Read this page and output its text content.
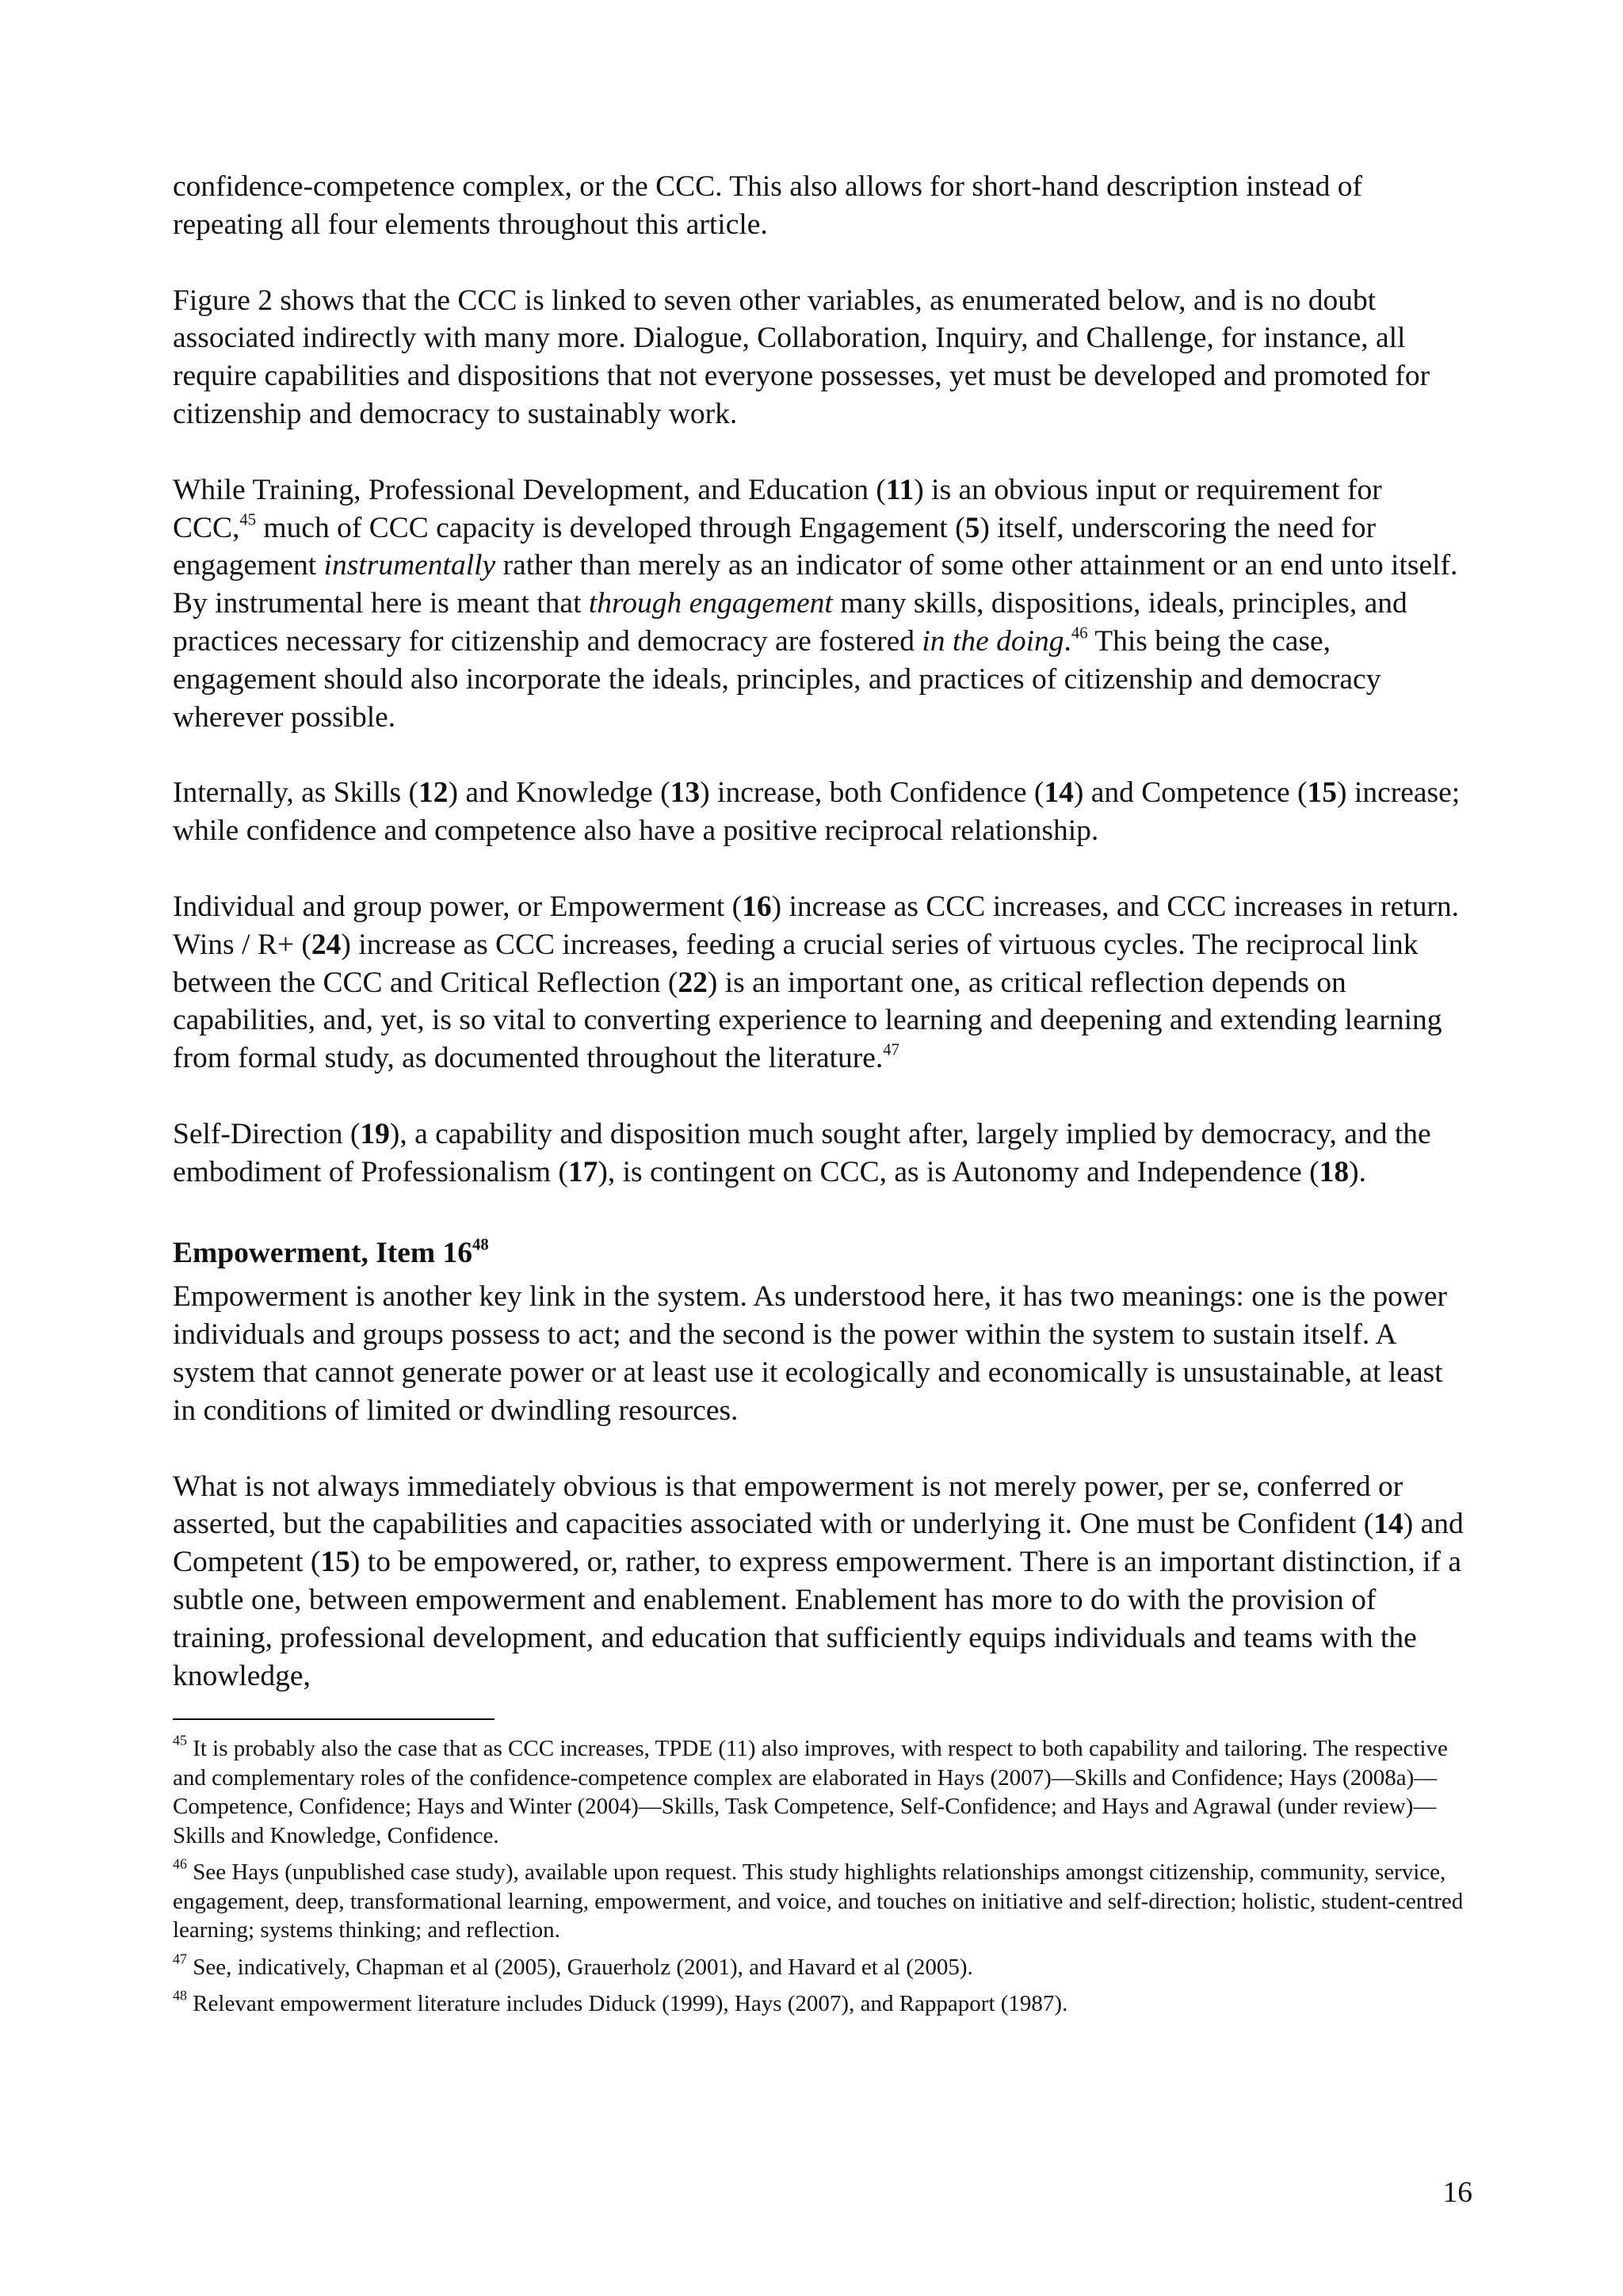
confidence-competence complex, or the CCC. This also allows for short-hand description instead of repeating all four elements throughout this article.

Figure 2 shows that the CCC is linked to seven other variables, as enumerated below, and is no doubt associated indirectly with many more. Dialogue, Collaboration, Inquiry, and Challenge, for instance, all require capabilities and dispositions that not everyone possesses, yet must be developed and promoted for citizenship and democracy to sustainably work.

While Training, Professional Development, and Education (11) is an obvious input or requirement for CCC,$^{45}$ much of CCC capacity is developed through Engagement (5) itself, underscoring the need for engagement instrumentally rather than merely as an indicator of some other attainment or an end unto itself. By instrumental here is meant that through engagement many skills, dispositions, ideals, principles, and practices necessary for citizenship and democracy are fostered in the doing.$^{46}$ This being the case, engagement should also incorporate the ideals, principles, and practices of citizenship and democracy wherever possible.

Internally, as Skills (12) and Knowledge (13) increase, both Confidence (14) and Competence (15) increase; while confidence and competence also have a positive reciprocal relationship.

Individual and group power, or Empowerment (16) increase as CCC increases, and CCC increases in return. Wins / R+ (24) increase as CCC increases, feeding a crucial series of virtuous cycles. The reciprocal link between the CCC and Critical Reflection (22) is an important one, as critical reflection depends on capabilities, and, yet, is so vital to converting experience to learning and deepening and extending learning from formal study, as documented throughout the literature.$^{47}$

Self-Direction (19), a capability and disposition much sought after, largely implied by democracy, and the embodiment of Professionalism (17), is contingent on CCC, as is Autonomy and Independence (18).

Empowerment, Item $16^{48}$

Empowerment is another key link in the system. As understood here, it has two meanings: one is the power individuals and groups possess to act; and the second is the power within the system to sustain itself. A system that cannot generate power or at least use it ecologically and economically is unsustainable, at least in conditions of limited or dwindling resources.

What is not always immediately obvious is that empowerment is not merely power, per se, conferred or asserted, but the capabilities and capacities associated with or underlying it. One must be Confident (14) and Competent (15) to be empowered, or, rather, to express empowerment. There is an important distinction, if a subtle one, between empowerment and enablement. Enablement has more to do with the provision of training, professional development, and education that sufficiently equips individuals and teams with the knowledge,

$^{45}$ It is probably also the case that as CCC increases, TPDE (11) also improves, with respect to both capability and tailoring. The respective and complementary roles of the confidence-competence complex are elaborated in Hays (2007)—Skills and Confidence; Hays (2008a)—Competence, Confidence; Hays and Winter (2004)—Skills, Task Competence, Self-Confidence; and Hays and Agrawal (under review)—Skills and Knowledge, Confidence.

$^{46}$ See Hays (unpublished case study), available upon request. This study highlights relationships amongst citizenship, community, service, engagement, deep, transformational learning, empowerment, and voice, and touches on initiative and self-direction; holistic, student-centred learning; systems thinking; and reflection.

$^{47}$ See, indicatively, Chapman et al (2005), Grauerholz (2001), and Havard et al (2005).

$^{48}$ Relevant empowerment literature includes Diduck (1999), Hays (2007), and Rappaport (1987).

16
